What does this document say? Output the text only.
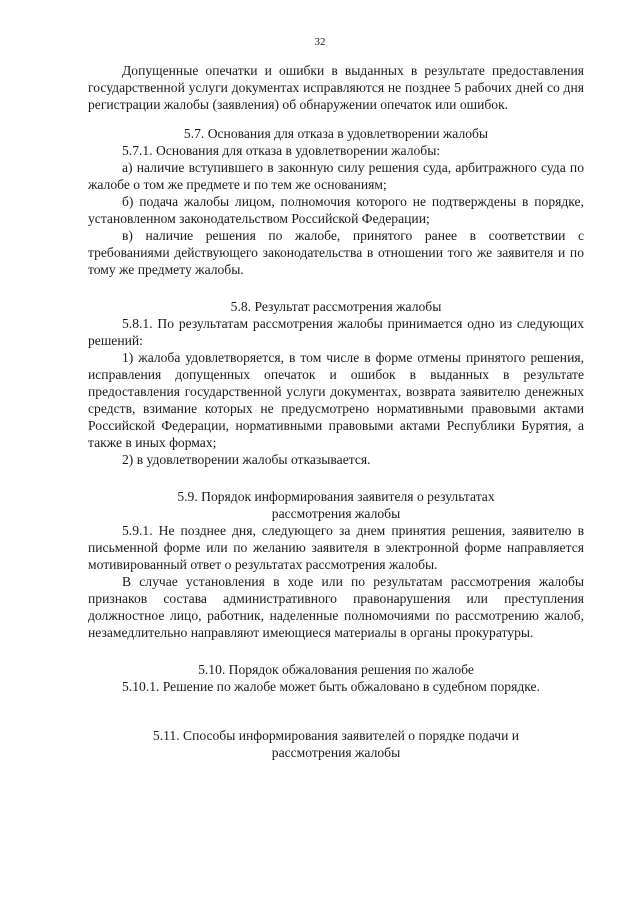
32

Допущенные опечатки и ошибки в выданных в результате предоставления государственной услуги документах исправляются не позднее 5 рабочих дней со дня регистрации жалобы (заявления) об обнаружении опечаток или ошибок.

5.7. Основания для отказа в удовлетворении жалобы

5.7.1. Основания для отказа в удовлетворении жалобы:

а) наличие вступившего в законную силу решения суда, арбитражного суда по жалобе о том же предмете и по тем же основаниям;

б) подача жалобы лицом, полномочия которого не подтверждены в порядке, установленном законодательством Российской Федерации;

в) наличие решения по жалобе, принятого ранее в соответствии с требованиями действующего законодательства в отношении того же заявителя и по тому же предмету жалобы.

5.8. Результат рассмотрения жалобы

5.8.1. По результатам рассмотрения жалобы принимается одно из следующих решений:

1) жалоба удовлетворяется, в том числе в форме отмены принятого решения, исправления допущенных опечаток и ошибок в выданных в результате предоставления государственной услуги документах, возврата заявителю денежных средств, взимание которых не предусмотрено нормативными правовыми актами Российской Федерации, нормативными правовыми актами Республики Бурятия, а также в иных формах;

2) в удовлетворении жалобы отказывается.

5.9. Порядок информирования заявителя о результатах

рассмотрения жалобы

5.9.1. Не позднее дня, следующего за днем принятия решения, заявителю в письменной форме или по желанию заявителя в электронной форме направляется мотивированный ответ о результатах рассмотрения жалобы.

В случае установления в ходе или по результатам рассмотрения жалобы признаков состава административного правонарушения или преступления должностное лицо, работник, наделенные полномочиями по рассмотрению жалоб, незамедлительно направляют имеющиеся материалы в органы прокуратуры.

5.10. Порядок обжалования решения по жалобе

5.10.1. Решение по жалобе может быть обжаловано в судебном порядке.

5.11. Способы информирования заявителей о порядке подачи и

рассмотрения жалобы
